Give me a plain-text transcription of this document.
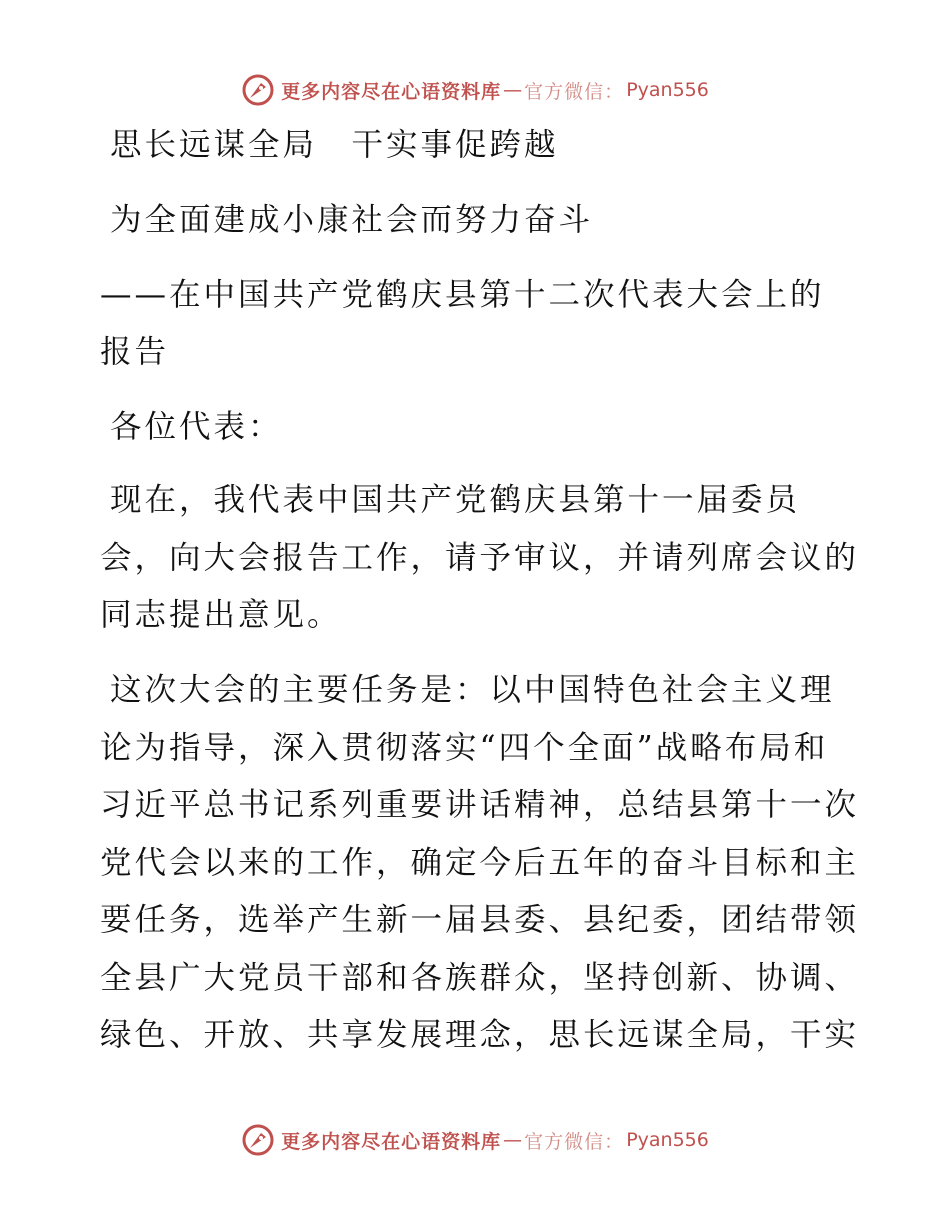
更多内容尽在心语资料库 — 官方微信： Pyan556
思长远谋全局　干实事促跨越
为全面建成小康社会而努力奋斗
——在中国共产党鹤庆县第十二次代表大会上的
报告
各位代表：
现在，我代表中国共产党鹤庆县第十一届委员
会，向大会报告工作，请予审议，并请列席会议的
同志提出意见。
这次大会的主要任务是：以中国特色社会主义理
论为指导，深入贯彻落实“四个全面”战略布局和
习近平总书记系列重要讲话精神，总结县第十一次
党代会以来的工作，确定今后五年的奋斗目标和主
要任务，选举产生新一届县委、县纪委，团结带领
全县广大党员干部和各族群众，坚持创新、协调、
绿色、开放、共享发展理念，思长远谋全局，干实
更多内容尽在心语资料库 — 官方微信： Pyan556
